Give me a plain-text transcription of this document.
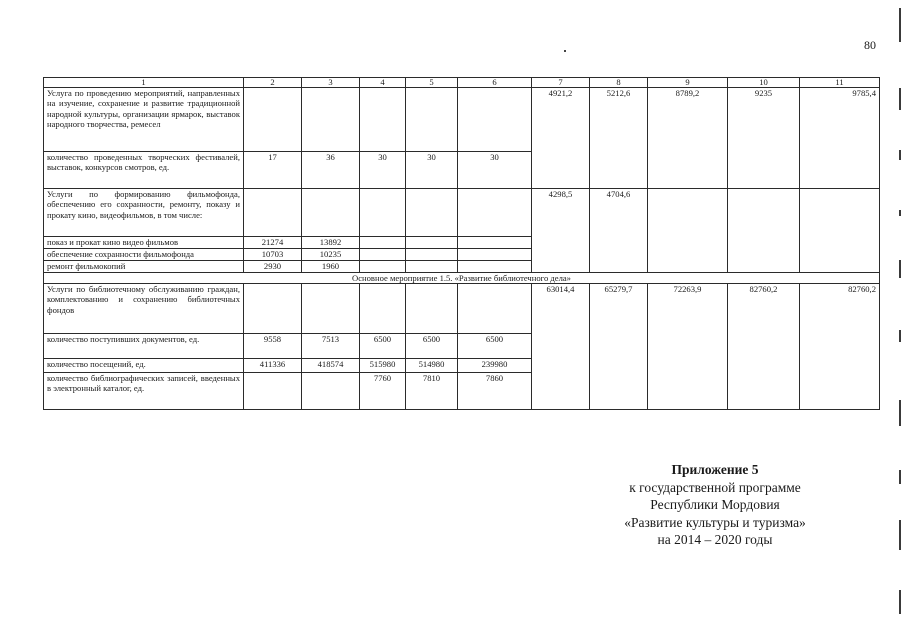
80
1	2	3	4	5	6	7	8	9	10	11
Услуга по проведению мероприятий, направленных на изучение, сохранение и развитие традиционной народной культуры, организации ярмарок, выставок народного творчества, ремесел						4921,2	5212,6	8789,2	9235	9785,4
количество проведенных творческих фестивалей, выставок, конкурсов смотров, ед.	17	36	30	30	30					
Услуги по формированию фильмофонда, обеспечению его сохранности, ремонту, показу и прокату кино, видеофильмов, в том числе:						4298,5	4704,6			
показ и прокат кино видео фильмов	21274	13892								
обеспечение сохранности фильмофонда	10703	10235								
ремонт фильмокопий	2930	1960								
Основное мероприятие 1.5. «Развитие библиотечного дела»										
Услуги по библиотечному обслуживанию граждан, комплектованию и сохранению библиотечных фондов						63014,4	65279,7	72263,9	82760,2	82760,2
количество поступивших документов, ед.	9558	7513	6500	6500	6500					
количество посещений, ед.	411336	418574	515980	514980	239980					
количество библиографических записей, введенных в электронный каталог, ед.			7760	7810	7860					
Приложение 5
к государственной программе
Республики Мордовия
«Развитие культуры и туризма»
на 2014 – 2020 годы
